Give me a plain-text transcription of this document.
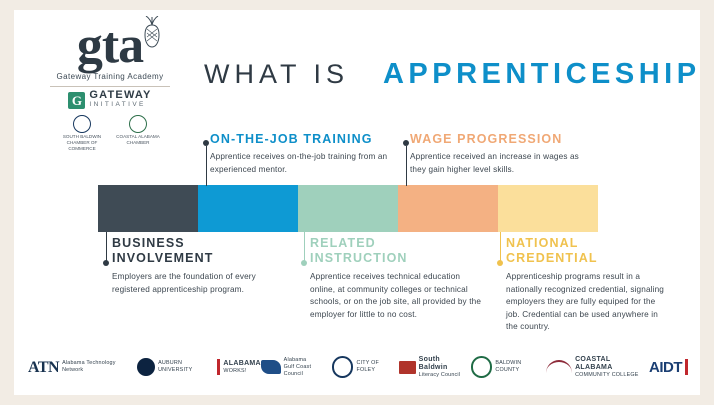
gta
Gateway Training Academy
G GATEWAY
INITIATIVE
SOUTH BALDWIN CHAMBER OF COMMERCE
COASTAL ALABAMA CHAMBER
WHAT IS APPRENTICESHIP
ON-THE-JOB TRAINING

Apprentice receives on-the-job training from an experienced mentor.

WAGE PROGRESSION

Apprentice received an increase in wages as they gain higher level skills.

BUSINESS
INVOLVEMENT

Employers are the foundation of every registered apprenticeship program.

RELATED
INSTRUCTION

Apprentice receives technical education online, at community colleges or technical schools, or on the job site, all provided by the employer for little to no cost.

NATIONAL
CREDENTIAL

Apprenticeship programs result in a nationally recognized credential, signaling employers they are fully equiped for the job. Credential can be used anywhere in the country.

ATN Alabama Technology Network
AUBURN UNIVERSITY
ALABAMA
WORKS!
Alabama
Gulf Coast Council
CITY OF FOLEY
South Baldwin
Literacy Council
BALDWIN COUNTY
COASTAL ALABAMA
COMMUNITY COLLEGE AIDT
